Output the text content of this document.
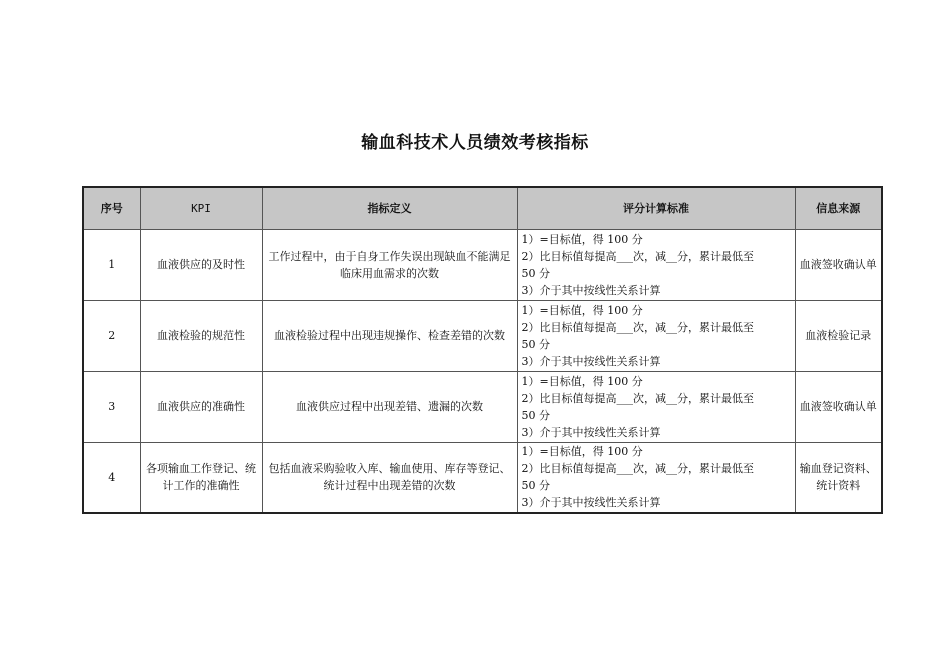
输血科技术人员绩效考核指标
序号	KPI	指标定义	评分计算标准	信息来源
1	血液供应的及时性	工作过程中，由于自身工作失误出现缺血不能满足临床用血需求的次数	1）=目标值，得 100 分
2）比目标值每提高___次，减__分，累计最低至
50 分
3）介于其中按线性关系计算	血液签收确认单
2	血液检验的规范性	血液检验过程中出现违规操作、检查差错的次数	1）=目标值，得 100 分
2）比目标值每提高___次，减__分，累计最低至
50 分
3）介于其中按线性关系计算	血液检验记录
3	血液供应的准确性	血液供应过程中出现差错、遗漏的次数	1）=目标值，得 100 分
2）比目标值每提高___次，减__分，累计最低至
50 分
3）介于其中按线性关系计算	血液签收确认单
4	各项输血工作登记、统计工作的准确性	包括血液采购验收入库、输血使用、库存等登记、统计过程中出现差错的次数	1）=目标值，得 100 分
2）比目标值每提高___次，减__分，累计最低至
50 分
3）介于其中按线性关系计算	输血登记资料、统计资料
